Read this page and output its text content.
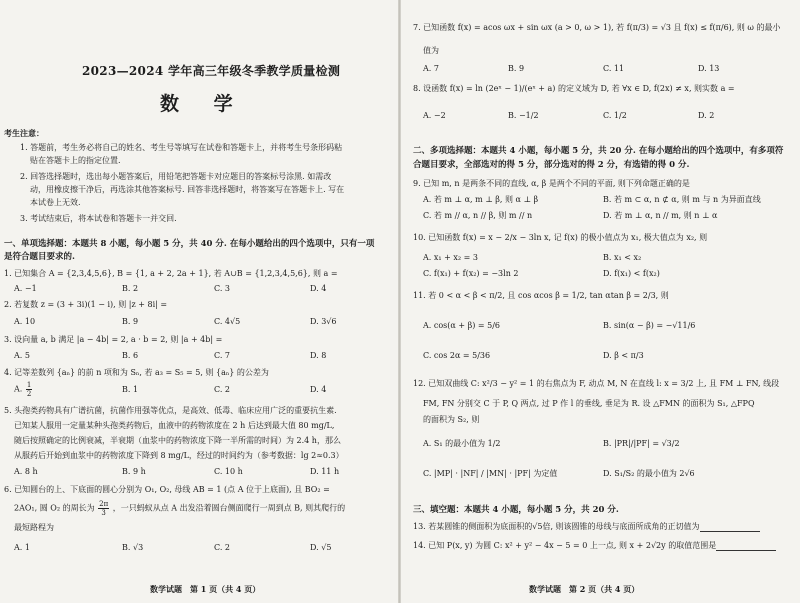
2023—2024 学年高三年级冬季教学质量检测
数 学
考生注意：
1. 答题前，考生务必将自己的姓名、考生号等填写在试卷和答题卡上，并将考生号条形码粘
贴在答题卡上的指定位置.
2. 回答选择题时，选出每小题答案后，用铅笔把答题卡对应题目的答案标号涂黑. 如需改
动，用橡皮擦干净后，再选涂其他答案标号. 回答非选择题时，将答案写在答题卡上. 写在
本试卷上无效.
3. 考试结束后，将本试卷和答题卡一并交回.
一、单项选择题：本题共 8 小题，每小题 5 分，共 40 分. 在每小题给出的四个选项中，只有一项
是符合题目要求的.
1. 已知集合 A = {2,3,4,5,6}, B = {1, a + 2, 2a + 1}, 若 A∪B = {1,2,3,4,5,6}, 则 a =
A. −1	B. 2	C. 3	D. 4
2. 若复数 z = (3 + 3i)(1 − i), 则 |z + 8i| =
A. 10	B. 9	C. 4√5	D. 3√6
3. 设向量 a, b 满足 |a − 4b| = 2, a · b = 2, 则 |a + 4b| =
A. 5	B. 6	C. 7	D. 8
4. 记等差数列 {aₙ} 的前 n 项和为 Sₙ, 若 a₃ = S₅ = 5, 则 {aₙ} 的公差为
A. $\frac{1}{2}$	B. 1	C. 2	D. 4
5. 头孢类药物具有广谱抗菌，抗菌作用强等优点，是高效、低毒、临床应用广泛的重要抗生素.
已知某人服用一定量某种头孢类药物后，血液中的药物浓度在 2 h 后达到最大值 80 mg/L,
随后按照确定的比例衰减，半衰期（血浆中的药物浓度下降一半所需的时间）为 2.4 h，那么
从服药后开始到血浆中的药物浓度下降到 8 mg/L，经过的时间约为（参考数据：lg 2≈0.3）
A. 8 h	B. 9 h	C. 10 h	D. 11 h
6. 已知圆台的上、下底面的圆心分别为 O₁, O₂, 母线 AB = 1 (点 A 位于上底面), 且 BO₂ =
2AO₁, 圆 O₂ 的周长为 $\frac{2\pi}{3}$ ，一只蚂蚁从点 A 出发沿着圆台侧面爬行一周到点 B, 则其爬行的
最短路程为
A. 1	B. √3	C. 2	D. √5
数学试题　第 1 页（共 4 页）
7. 已知函数 f(x) = acos ωx + sin ωx (a > 0, ω > 1), 若 f(π/3) = √3 且 f(x) ≤ f(π/6), 则 ω 的最小
值为
A. 7	B. 9	C. 11	D. 13
8. 设函数 f(x) = ln (2eˣ − 1)/(eˣ + a) 的定义域为 D, 若 ∀x ∈ D, f(2x) ≠ x, 则实数 a =
A. −2	B. −1/2	C. 1/2	D. 2
二、多项选择题：本题共 4 小题，每小题 5 分，共 20 分. 在每小题给出的四个选项中，有多项符
合题目要求，全部选对的得 5 分，部分选对的得 2 分，有选错的得 0 分.
9. 已知 m, n 是两条不同的直线, α, β 是两个不同的平面, 则下列命题正确的是
A. 若 m ⊥ α, m ⊥ β, 则 α ⊥ β	B. 若 m ⊂ α, n ⊄ α, 则 m 与 n 为异面直线
C. 若 m // α, n // β, 则 m // n	D. 若 m ⊥ α, n // m, 则 n ⊥ α
10. 已知函数 f(x) = x − 2/x − 3ln x, 记 f(x) 的极小值点为 x₁, 极大值点为 x₂, 则
A. x₁ + x₂ = 3	B. x₁ < x₂
C. f(x₁) + f(x₂) = −3ln 2	D. f(x₁) < f(x₂)
11. 若 0 < α < β < π/2, 且 cos αcos β = 1/2, tan αtan β = 2/3, 则
A. cos(α + β) = 5/6	B. sin(α − β) = −√11/6
C. cos 2α = 5/36	D. β < π/3
12. 已知双曲线 C: x²/3 − y² = 1 的右焦点为 F, 动点 M, N 在直线 l: x = 3/2 上, 且 FM ⊥ FN, 线段
FM, FN 分别交 C 于 P, Q 两点, 过 P 作 l 的垂线, 垂足为 R. 设 △FMN 的面积为 S₁, △FPQ
的面积为 S₂, 则
A. S₁ 的最小值为 1/2	B. |PR|/|PF| = √3/2
C. |MP| · |NF| / |MN| · |PF| 为定值	D. S₁/S₂ 的最小值为 2√6
三、填空题：本题共 4 小题，每小题 5 分，共 20 分.
13. 若某圆锥的侧面积为底面积的√5倍, 则该圆锥的母线与底面所成角的正切值为
14. 已知 P(x, y) 为圆 C: x² + y² − 4x − 5 = 0 上一点, 则 x + 2√2y 的取值范围是
数学试题　第 2 页（共 4 页）
